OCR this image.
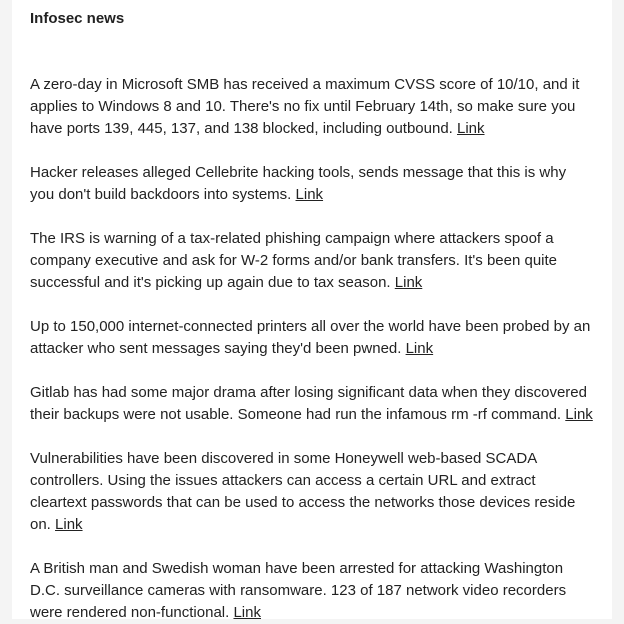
Infosec news

A zero-day in Microsoft SMB has received a maximum CVSS score of 10/10, and it applies to Windows 8 and 10. There's no fix until February 14th, so make sure you have ports 139, 445, 137, and 138 blocked, including outbound. Link

Hacker releases alleged Cellebrite hacking tools, sends message that this is why you don't build backdoors into systems. Link

The IRS is warning of a tax-related phishing campaign where attackers spoof a company executive and ask for W-2 forms and/or bank transfers. It's been quite successful and it's picking up again due to tax season. Link

Up to 150,000 internet-connected printers all over the world have been probed by an attacker who sent messages saying they'd been pwned. Link

Gitlab has had some major drama after losing significant data when they discovered their backups were not usable. Someone had run the infamous rm -rf command. Link

Vulnerabilities have been discovered in some Honeywell web-based SCADA controllers. Using the issues attackers can access a certain URL and extract cleartext passwords that can be used to access the networks those devices reside on. Link

A British man and Swedish woman have been arrested for attacking Washington D.C. surveillance cameras with ransomware. 123 of 187 network video recorders were rendered non-functional. Link
